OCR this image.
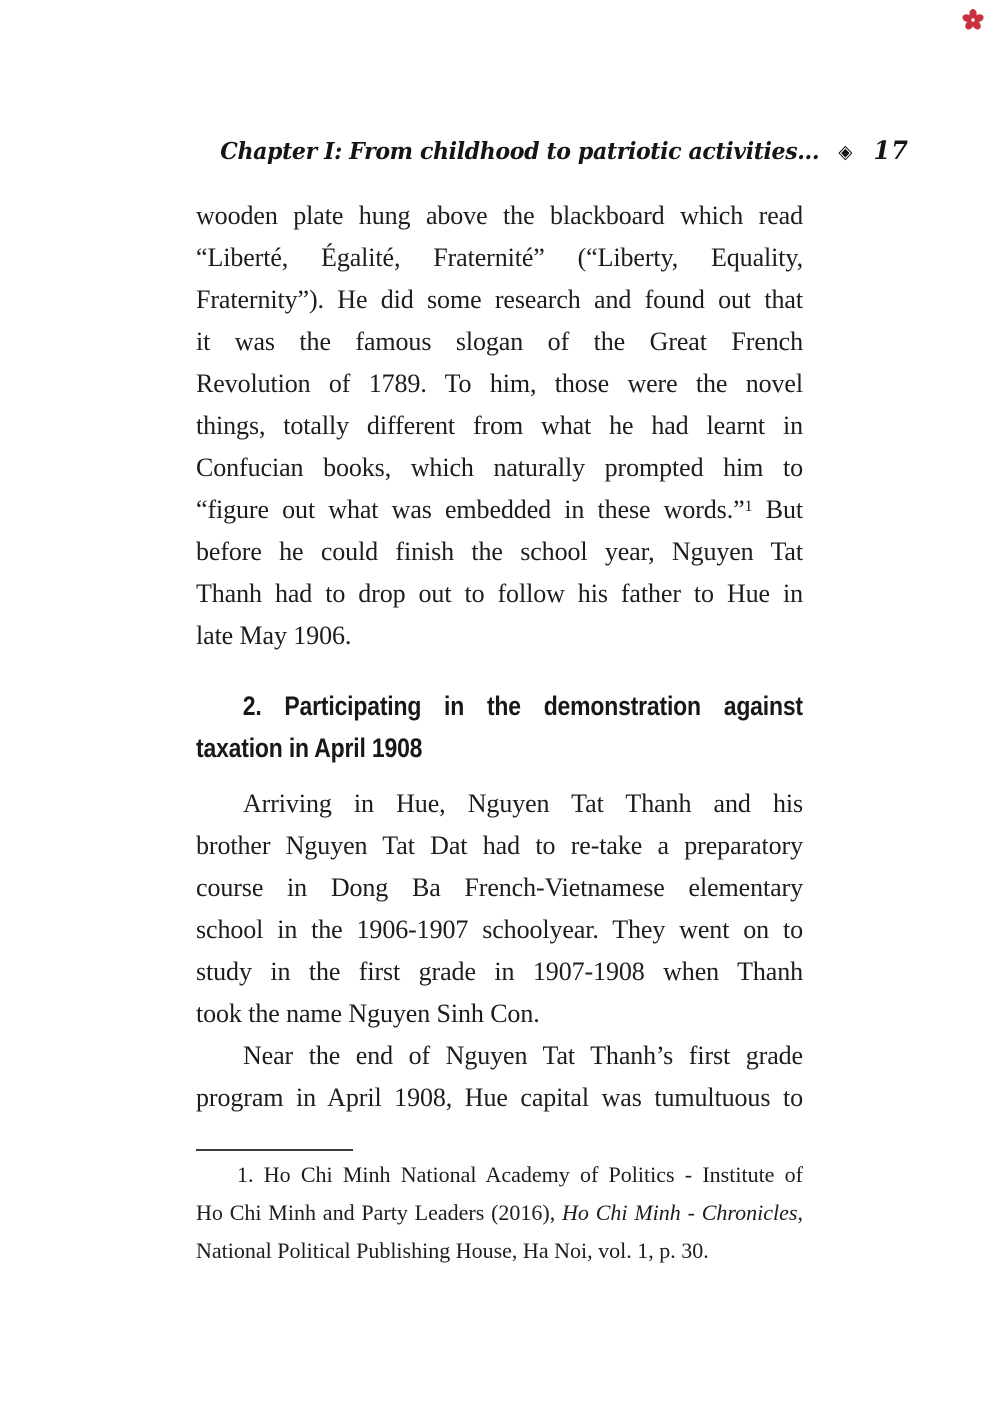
Chapter I: From childhood to patriotic activities... ◈ 17
wooden plate hung above the blackboard which read
“Liberté, Égalité, Fraternité” (“Liberty, Equality,
Fraternity”). He did some research and found out that
it was the famous slogan of the Great French
Revolution of 1789. To him, those were the novel
things, totally different from what he had learnt in
Confucian books, which naturally prompted him to
“figure out what was embedded in these words.”$^1$ But
before he could finish the school year, Nguyen Tat
Thanh had to drop out to follow his father to Hue in
late May 1906.
2. Participating in the demonstration against
taxation in April 1908
Arriving in Hue, Nguyen Tat Thanh and his
brother Nguyen Tat Dat had to re-take a preparatory
course in Dong Ba French-Vietnamese elementary
school in the 1906-1907 schoolyear. They went on to
study in the first grade in 1907-1908 when Thanh
took the name Nguyen Sinh Con.
Near the end of Nguyen Tat Thanh’s first grade
program in April 1908, Hue capital was tumultuous to
1. Ho Chi Minh National Academy of Politics - Institute of
Ho Chi Minh and Party Leaders (2016), Ho Chi Minh - Chronicles,
National Political Publishing House, Ha Noi, vol. 1, p. 30.
